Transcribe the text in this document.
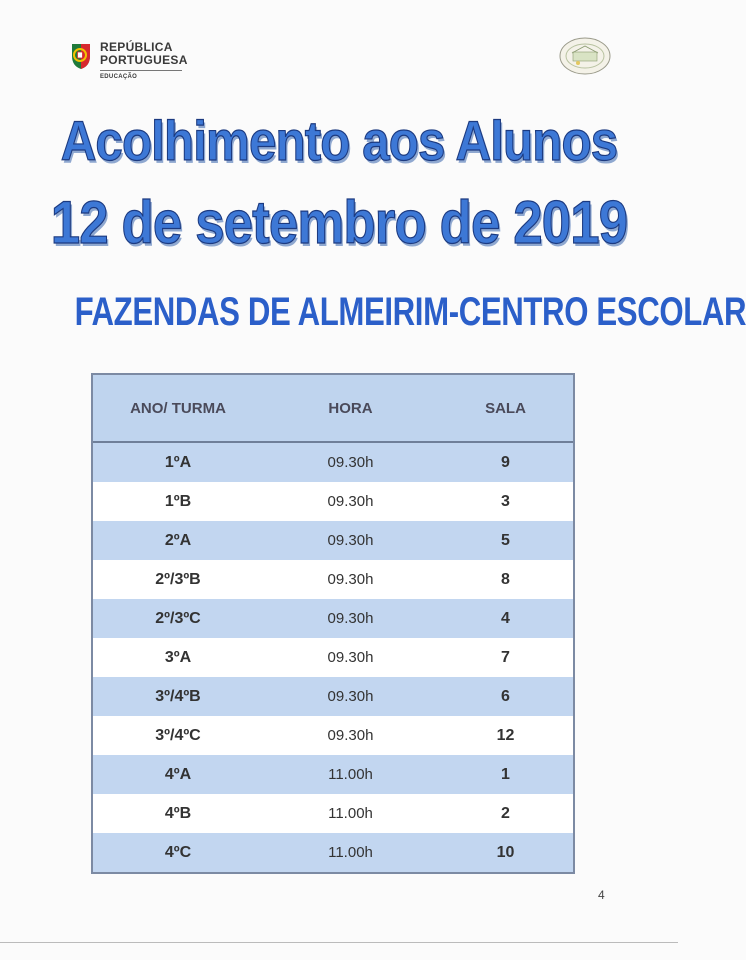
REPÚBLICA
PORTUGUESA
EDUCAÇÃO
Acolhimento aos Alunos
12 de setembro de 2019
FAZENDAS DE ALMEIRIM-CENTRO ESCOLAR
ANO/ TURMA	HORA	SALA
1ºA	09.30h	9
1ºB	09.30h	3
2ºA	09.30h	5
2º/3ºB	09.30h	8
2º/3ºC	09.30h	4
3ºA	09.30h	7
3º/4ºB	09.30h	6
3º/4ºC	09.30h	12
4ºA	11.00h	1
4ºB	11.00h	2
4ºC	11.00h	10
4
